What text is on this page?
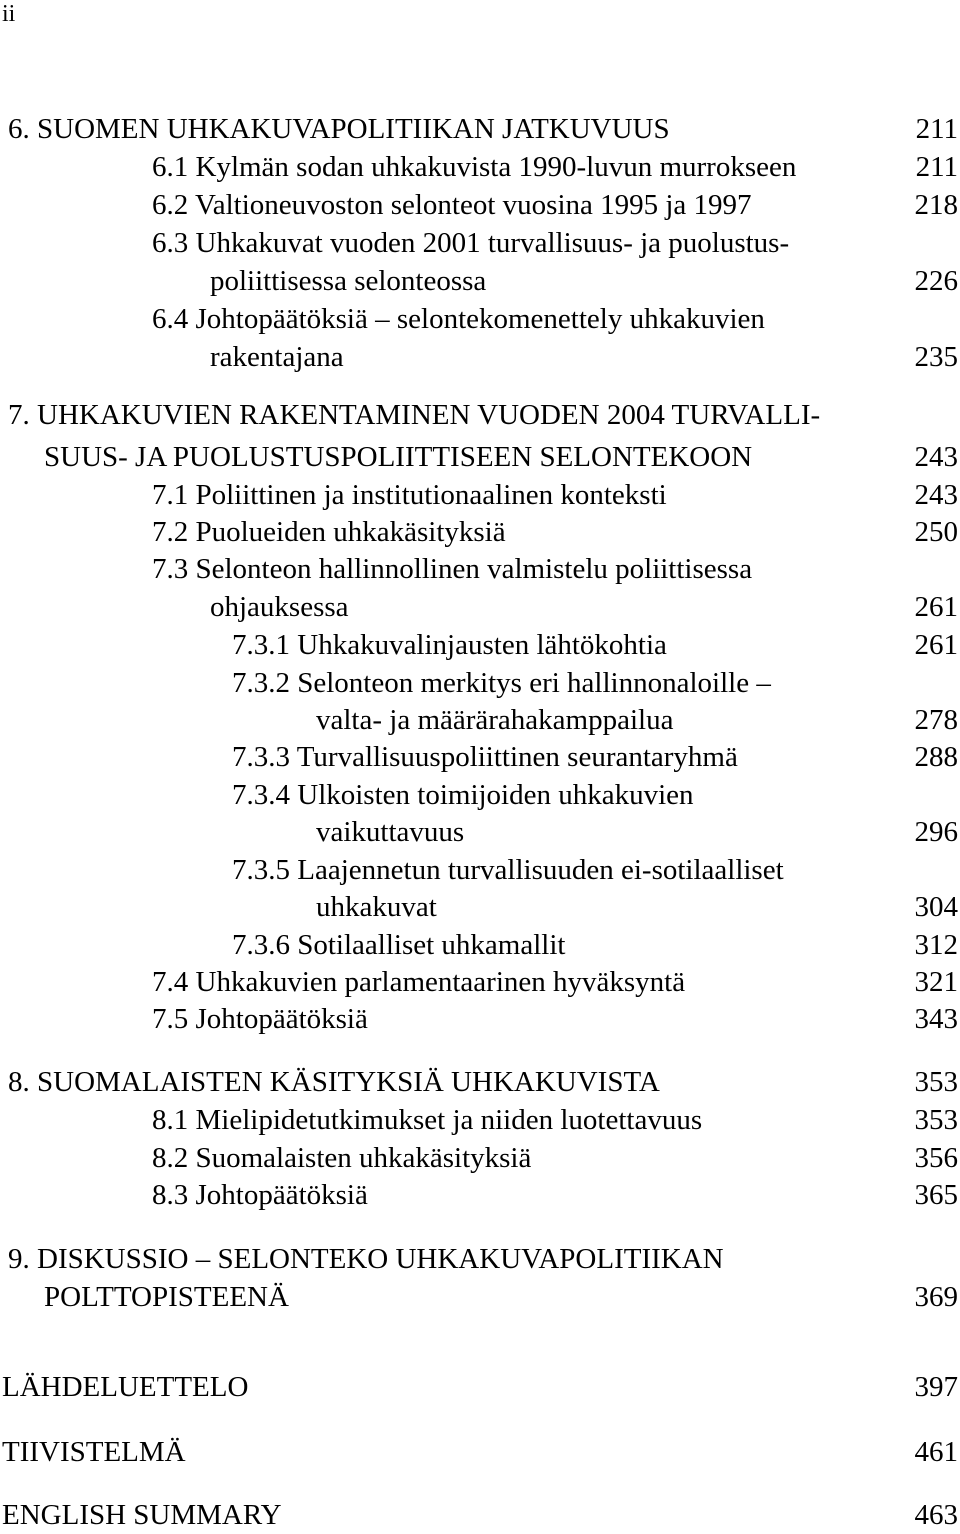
ii
6. SUOMEN UHKAKUVAPOLITIIKAN JATKUVUUS	211
6.1 Kylmän sodan uhkakuvista 1990-luvun murrokseen	211
6.2 Valtioneuvoston selonteot vuosina 1995 ja 1997	218
6.3 Uhkakuvat vuoden 2001 turvallisuus- ja puolustus-
poliittisessa selonteossa	226
6.4 Johtopäätöksiä – selontekomenettely uhkakuvien
rakentajana	235
7. UHKAKUVIEN RAKENTAMINEN VUODEN 2004 TURVALLI-
SUUS- JA PUOLUSTUSPOLIITTISEEN SELONTEKOON	243
7.1 Poliittinen ja institutionaalinen konteksti	243
7.2 Puolueiden uhkakäsityksiä	250
7.3 Selonteon hallinnollinen valmistelu poliittisessa
ohjauksessa	261
7.3.1 Uhkakuvalinjausten lähtökohtia	261
7.3.2 Selonteon merkitys eri hallinnonaloille –
valta- ja määrärahakamppailua	278
7.3.3 Turvallisuuspoliittinen seurantaryhmä	288
7.3.4 Ulkoisten toimijoiden uhkakuvien
vaikuttavuus	296
7.3.5 Laajennetun turvallisuuden ei-sotilaalliset
uhkakuvat	304
7.3.6 Sotilaalliset uhkamallit	312
7.4 Uhkakuvien parlamentaarinen hyväksyntä	321
7.5 Johtopäätöksiä	343
8. SUOMALAISTEN KÄSITYKSIÄ UHKAKUVISTA	353
8.1 Mielipidetutkimukset ja niiden luotettavuus	353
8.2 Suomalaisten uhkakäsityksiä	356
8.3 Johtopäätöksiä	365
9. DISKUSSIO – SELONTEKO UHKAKUVAPOLITIIKAN
POLTTOPISTEENÄ	369
LÄHDELUETTELO	397
TIIVISTELMÄ	461
ENGLISH SUMMARY	463
